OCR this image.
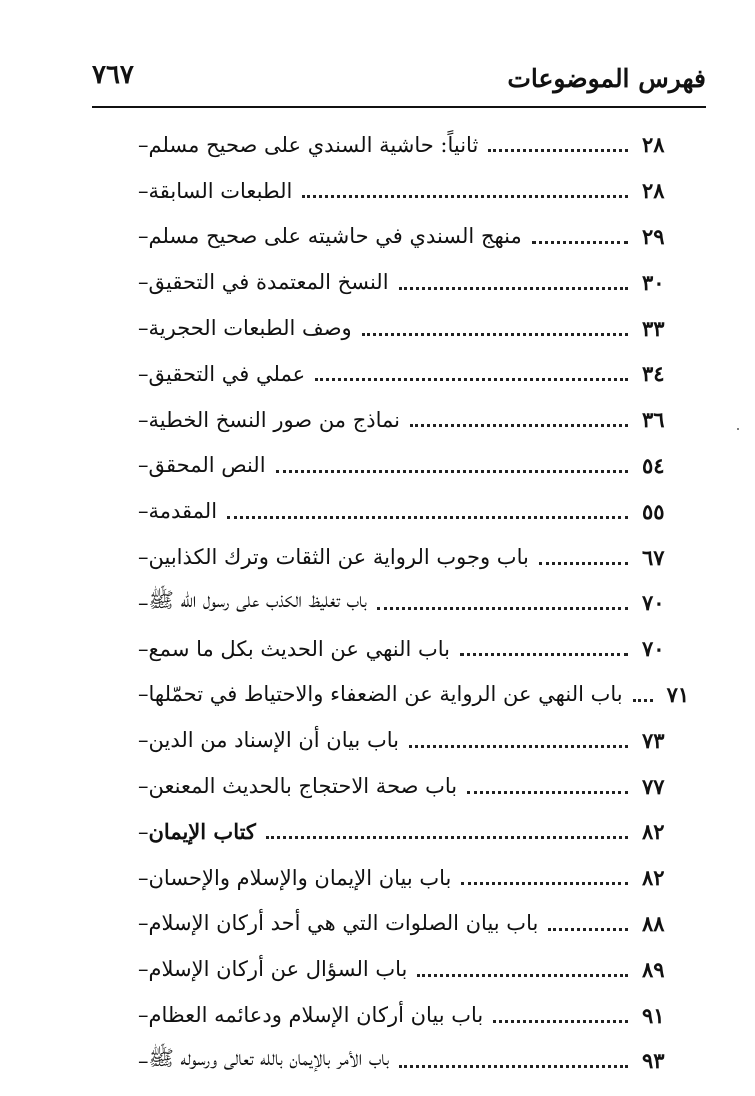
فهرس الموضوعات
٧٦٧
– ثانياً: حاشية السندي على صحيح مسلم	٢٨
– الطبعات السابقة	٢٨
– منهج السندي في حاشيته على صحيح مسلم	٢٩
– النسخ المعتمدة في التحقيق	٣٠
– وصف الطبعات الحجرية	٣٣
– عملي في التحقيق	٣٤
– نماذج من صور النسخ الخطية	٣٦
– النص المحقق	٥٤
– المقدمة	٥٥
– باب وجوب الرواية عن الثقات وترك الكذابين	٦٧
– باب تغليظ الكذب على رسول الله ﷺ	٧٠
– باب النهي عن الحديث بكل ما سمع	٧٠
– باب النهي عن الرواية عن الضعفاء والاحتياط في تحمّلها ٧١
– باب بيان أن الإسناد من الدين	٧٣
– باب صحة الاحتجاج بالحديث المعنعن	٧٧
– كتاب الإيمان	٨٢
– باب بيان الإيمان والإسلام والإحسان	٨٢
– باب بيان الصلوات التي هي أحد أركان الإسلام	٨٨
– باب السؤال عن أركان الإسلام	٨٩
– باب بيان أركان الإسلام ودعائمه العظام	٩١
– باب الأمر بالإيمان بالله تعالى ورسوله ﷺ	٩٣
